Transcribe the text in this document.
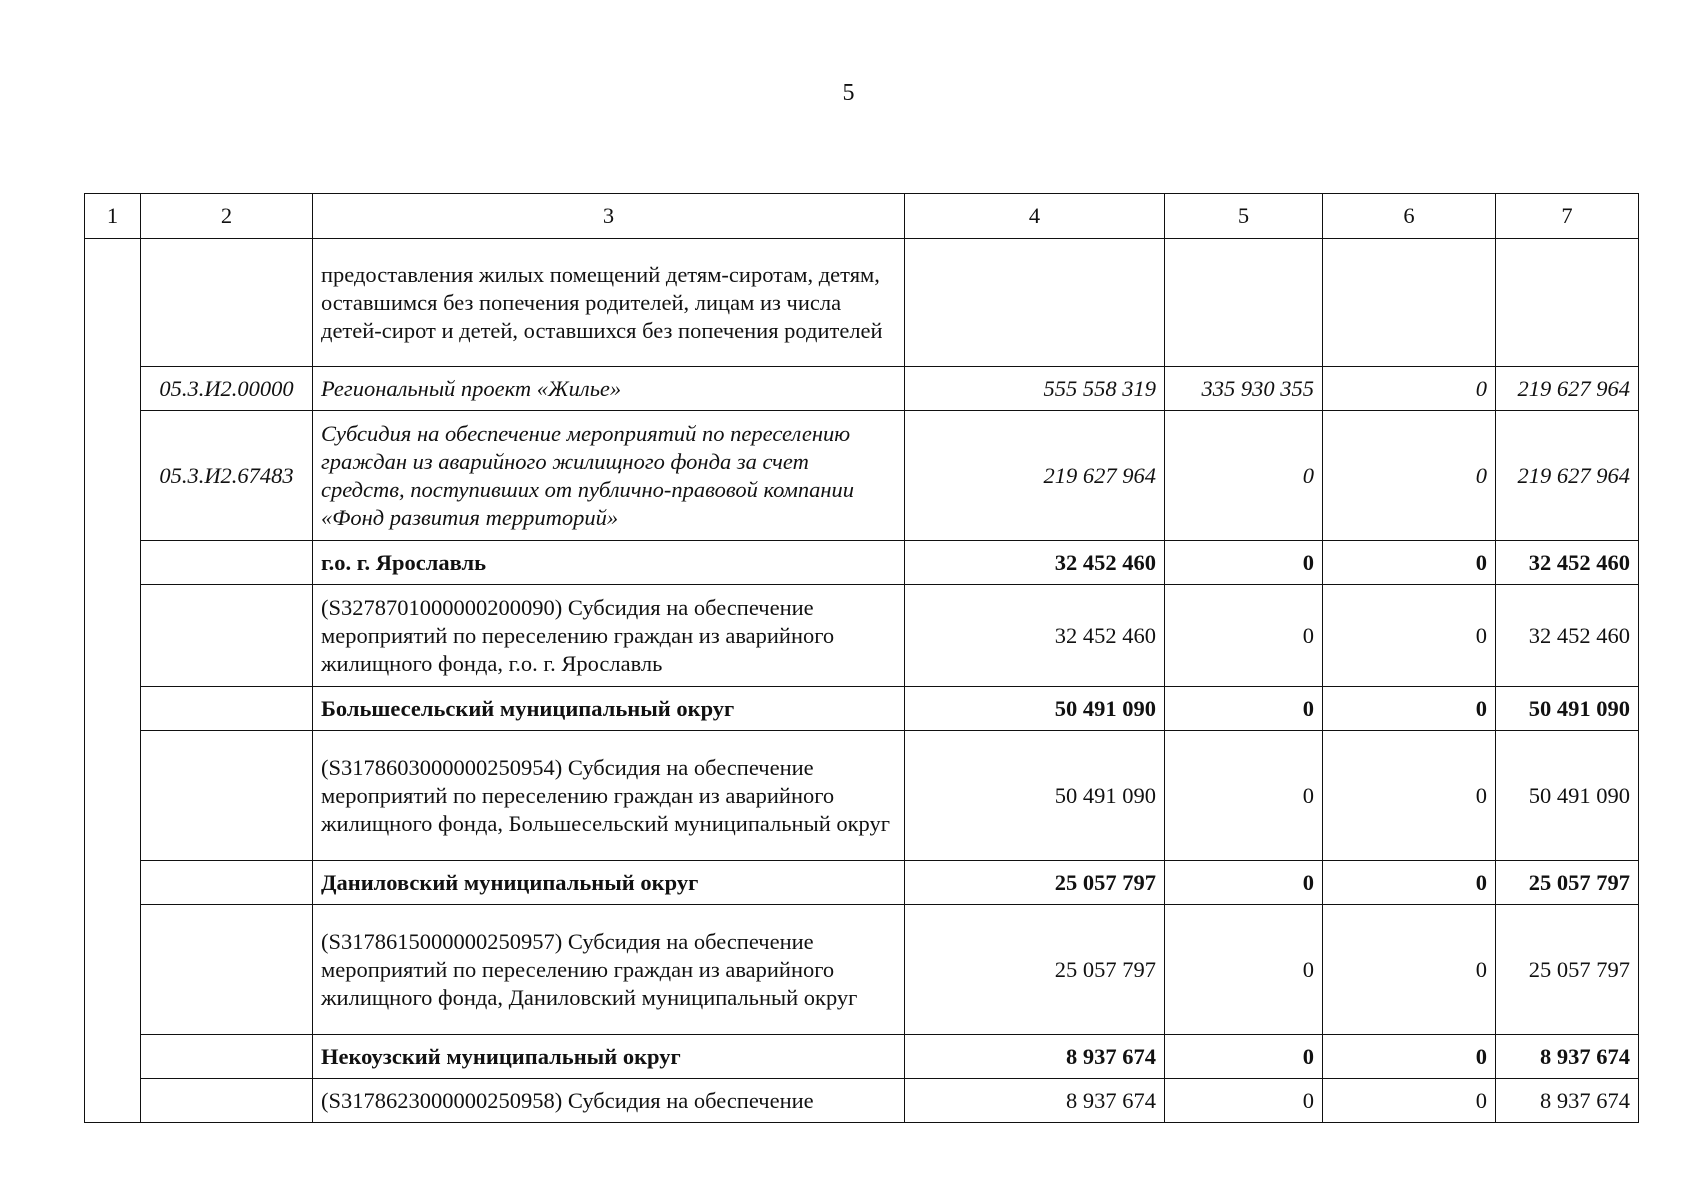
5
1	2	3	4	5	6	7
		предоставления жилых помещений детям-сиротам, детям, оставшимся без попечения родителей, лицам из числа детей-сирот и детей, оставшихся без попечения родителей				
	05.3.И2.00000	Региональный проект «Жилье»	555 558 319	335 930 355	0	219 627 964
	05.3.И2.67483	Субсидия на обеспечение мероприятий по переселению граждан из аварийного жилищного фонда за счет средств, поступивших от публично-правовой компании «Фонд развития территорий»	219 627 964	0	0	219 627 964
		г.о. г. Ярославль	32 452 460	0	0	32 452 460
		(S3278701000000200090) Субсидия на обеспечение мероприятий по переселению граждан из аварийного жилищного фонда, г.о. г. Ярославль	32 452 460	0	0	32 452 460
		Большесельский муниципальный округ	50 491 090	0	0	50 491 090
		(S3178603000000250954) Субсидия на обеспечение мероприятий по переселению граждан из аварийного жилищного фонда, Большесельский муниципальный округ	50 491 090	0	0	50 491 090
		Даниловский муниципальный округ	25 057 797	0	0	25 057 797
		(S3178615000000250957) Субсидия на обеспечение мероприятий по переселению граждан из аварийного жилищного фонда, Даниловский муниципальный округ	25 057 797	0	0	25 057 797
		Некоузский муниципальный округ	8 937 674	0	0	8 937 674
		(S3178623000000250958) Субсидия на обеспечение	8 937 674	0	0	8 937 674
